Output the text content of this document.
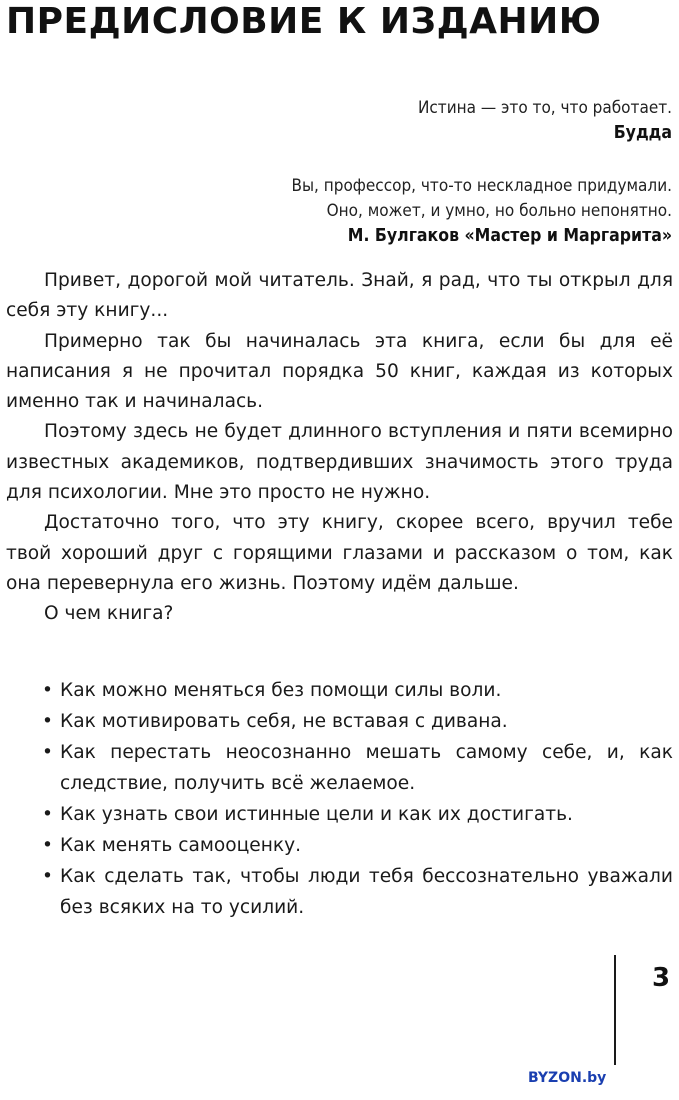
ПРЕДИСЛОВИЕ К ИЗДАНИЮ
Истина — это то, что работает.
Будда
Вы, профессор, что-то нескладное придумали.
Оно, может, и умно, но больно непонятно.
М. Булгаков «Мастер и Маргарита»

Привет, дорогой мой читатель. Знай, я рад, что ты открыл для себя эту книгу...

Примерно так бы начиналась эта книга, если бы для её написания я не прочитал порядка 50 книг, каждая из которых именно так и начиналась.

Поэтому здесь не будет длинного вступления и пяти всемирно известных академиков, подтвердивших значимость этого труда для психологии. Мне это просто не нужно.

Достаточно того, что эту книгу, скорее всего, вручил тебе твой хороший друг с горящими глазами и рассказом о том, как она перевернула его жизнь. Поэтому идём дальше.

О чем книга?

• Как можно меняться без помощи силы воли.
• Как мотивировать себя, не вставая с дивана.
• Как перестать неосознанно мешать самому себе, и, как следствие, получить всё желаемое.
• Как узнать свои истинные цели и как их достигать.
• Как менять самооценку.
• Как сделать так, чтобы люди тебя бессознательно уважали без всяких на то усилий.
3
BYZON.by
